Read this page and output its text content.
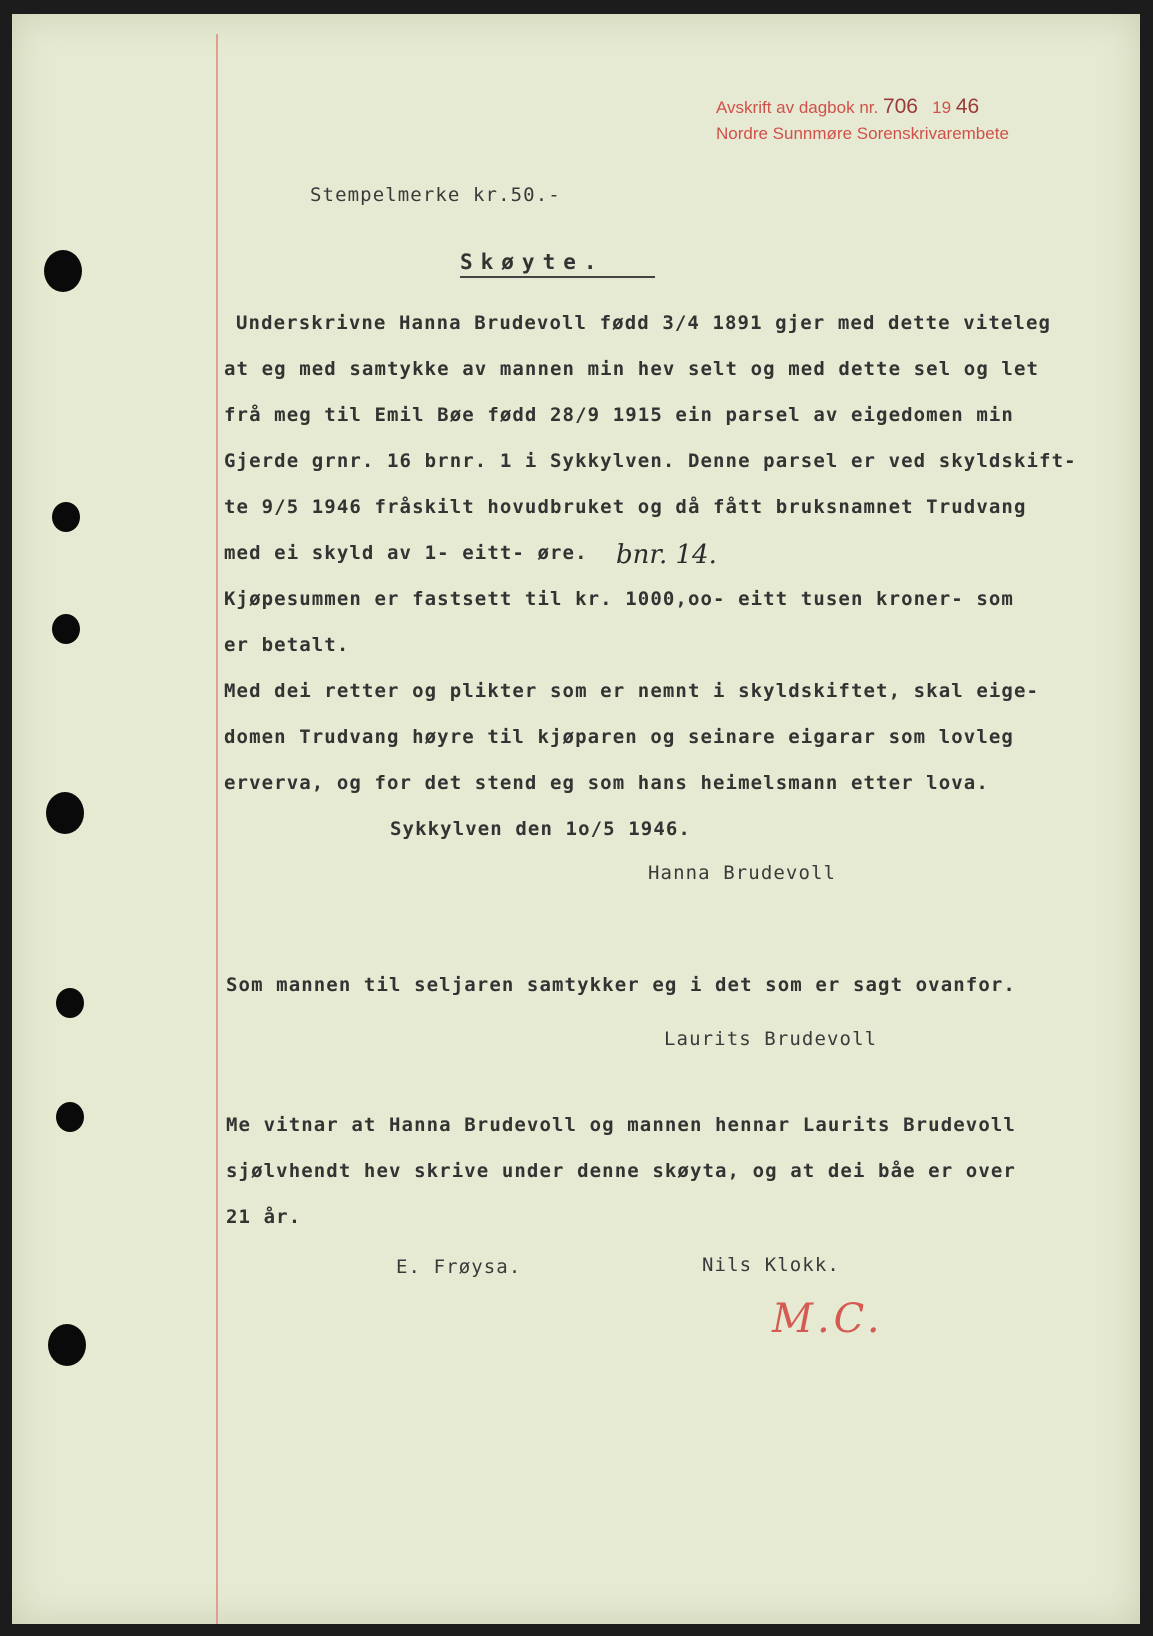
Avskrift av dagbok nr. 706 19 46
Nordre Sunnmøre Sorenskrivarembete
Stempelmerke kr.50.-
Skøyte.
Underskrivne Hanna Brudevoll fødd 3/4 1891 gjer med dette viteleg
at eg med samtykke av mannen min hev selt og med dette sel og let
frå meg til Emil Bøe fødd 28/9 1915 ein parsel av eigedomen min
Gjerde grnr. 16 brnr. 1 i Sykkylven. Denne parsel er ved skyldskift-
te 9/5 1946 fråskilt hovudbruket og då fått bruksnamnet Trudvang
med ei skyld av 1- eitt- øre. bnr. 14.
Kjøpesummen er fastsett til kr. 1000,oo- eitt tusen kroner- som
er betalt.
Med dei retter og plikter som er nemnt i skyldskiftet, skal eige-
domen Trudvang høyre til kjøparen og seinare eigarar som lovleg
erverva, og for det stend eg som hans heimelsmann etter lova.
Sykkylven den 1o/5 1946.
Hanna Brudevoll
Som mannen til seljaren samtykker eg i det som er sagt ovanfor.
Laurits Brudevoll
Me vitnar at Hanna Brudevoll og mannen hennar Laurits Brudevoll
sjølvhendt hev skrive under denne skøyta, og at dei båe er over
21 år.
E. Frøysa.	Nils Klokk.
M.C.
